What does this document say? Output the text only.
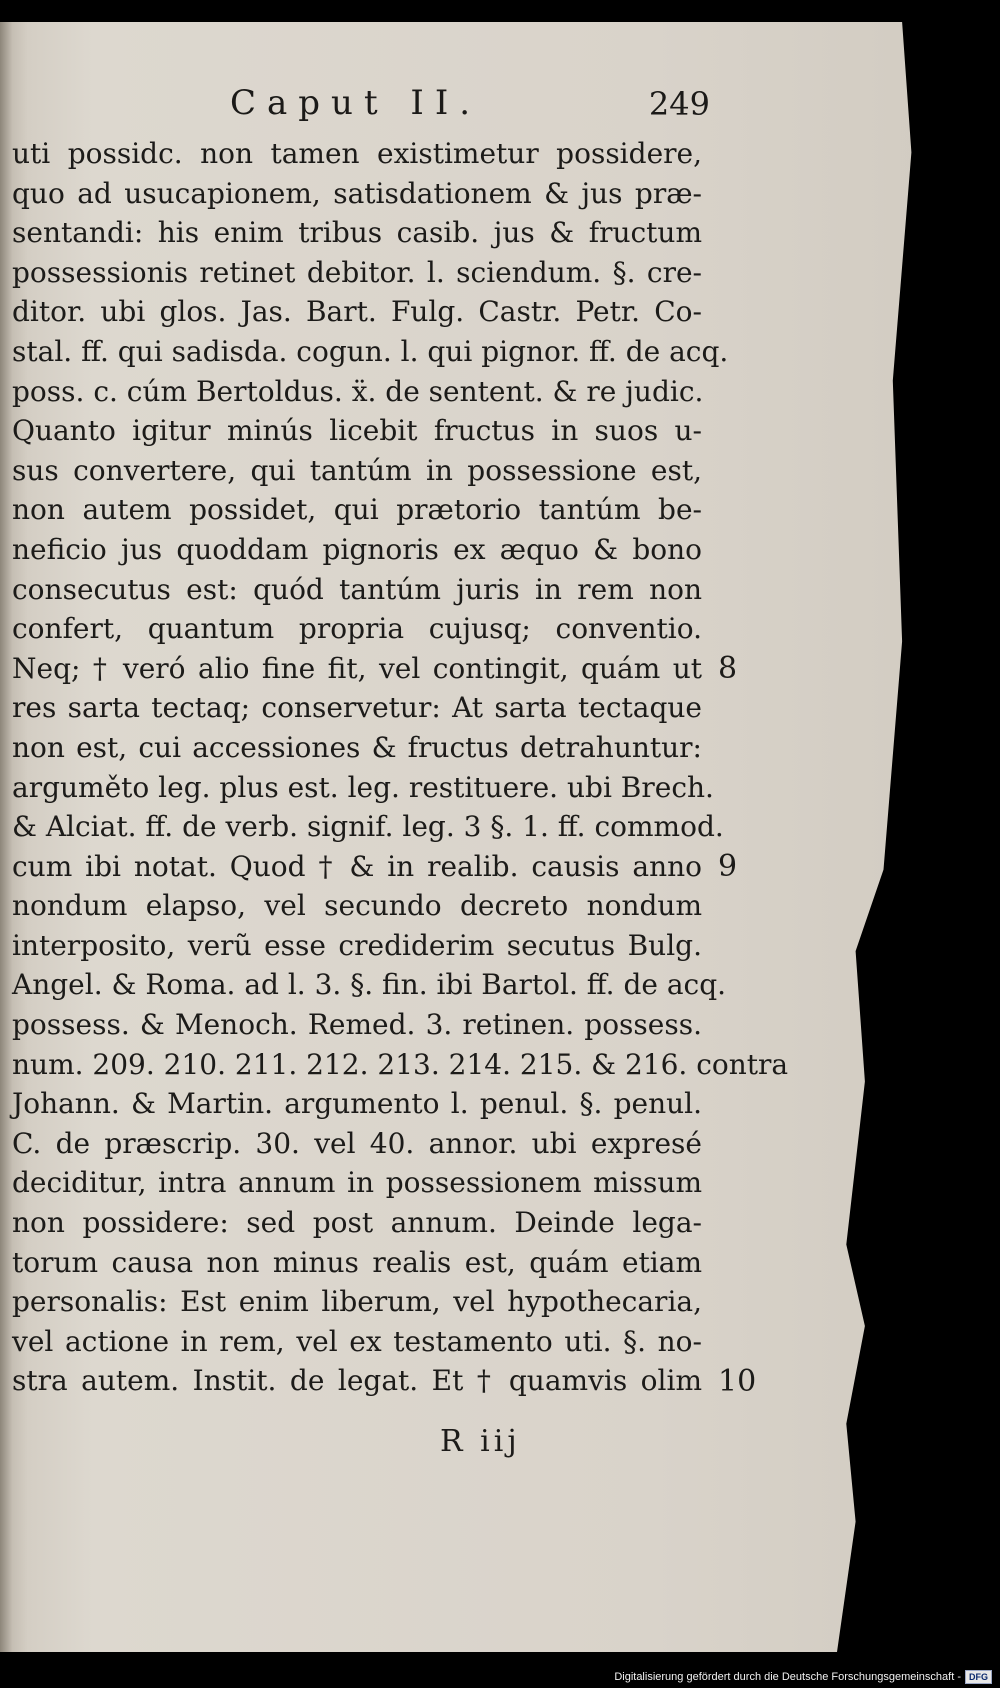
Caput II.	249
uti possidc. non tamen existimetur possidere,
quo ad usucapionem, satisdationem & jus præ-
sentandi: his enim tribus casib. jus & fructum
possessionis retinet debitor. l. sciendum. §. cre-
ditor. ubi glos. Jas. Bart. Fulg. Castr. Petr. Co-
stal. ff. qui sadisda. cogun. l. qui pignor. ff. de acq.
poss. c. cúm Bertoldus. ẍ. de sentent. & re judic.
Quanto igitur minús licebit fructus in suos u-
sus convertere, qui tantúm in possessione est,
non autem possidet, qui prætorio tantúm be-
neficio jus quoddam pignoris ex æquo & bono
consecutus est: quód tantúm juris in rem non
confert, quantum propria cujusq; conventio.
Neq; † veró alio fine fit, vel contingit, quám ut
res sarta tectaq; conservetur: At sarta tectaque
non est, cui accessiones & fructus detrahuntur:
arguměto leg. plus est. leg. restituere. ubi Brech.
& Alciat. ff. de verb. signif. leg. 3 §. 1. ff. commod.
cum ibi notat. Quod † & in realib. causis anno
nondum elapso, vel secundo decreto nondum
interposito, verũ esse crediderim secutus Bulg.
Angel. & Roma. ad l. 3. §. fin. ibi Bartol. ff. de acq.
possess. & Menoch. Remed. 3. retinen. possess.
num. 209. 210. 211. 212. 213. 214. 215. & 216. contra
Johann. & Martin. argumento l. penul. §. penul.
C. de præscrip. 30. vel 40. annor. ubi expresé
deciditur, intra annum in possessionem missum
non possidere: sed post annum. Deinde lega-
torum causa non minus realis est, quám etiam
personalis: Est enim liberum, vel hypothecaria,
vel actione in rem, vel ex testamento uti. §. no-
stra autem. Instit. de legat. Et † quamvis olim
8
9
10
R iij
Digitalisierung gefördert durch die Deutsche Forschungsgemeinschaft - DFG
